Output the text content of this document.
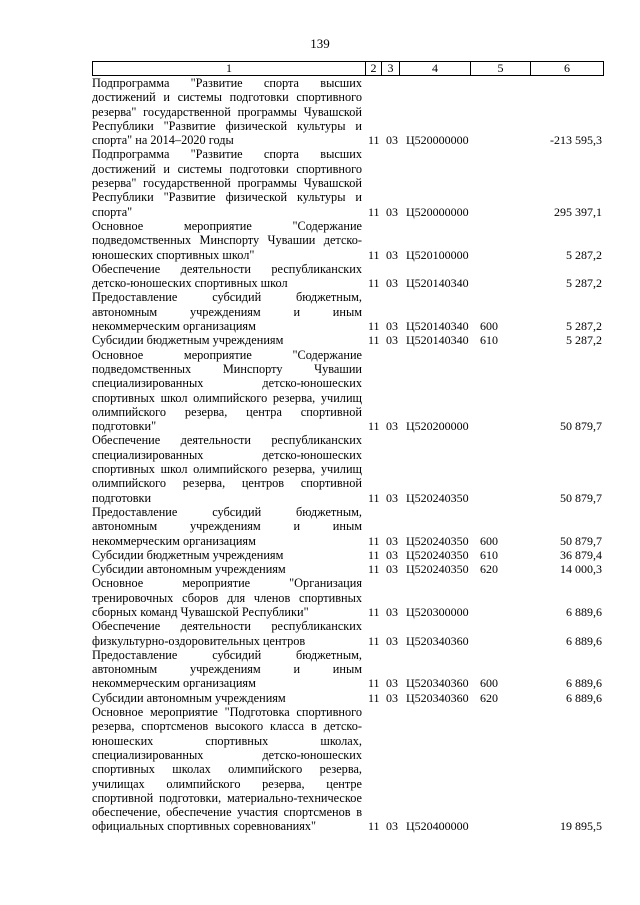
139
1	2 3	4	5	6
Подпрограмма "Развитие спорта высших достижений и системы подготовки спортивного резерва" государственной программы Чувашской Республики "Развитие физической культуры и спорта" на 2014–2020 годы	11 03 Ц520000000	-213 595,3
Подпрограмма "Развитие спорта высших достижений и системы подготовки спортивного резерва" государственной программы Чувашской Республики "Развитие физической культуры и спорта"	11 03 Ц520000000	295 397,1
Основное мероприятие "Содержание подведомственных Минспорту Чувашии детско-юношеских спортивных школ"	11 03 Ц520100000	5 287,2
Обеспечение деятельности республиканских детско-юношеских спортивных школ	11 03 Ц520140340	5 287,2
Предоставление субсидий бюджетным, автономным учреждениям и иным некоммерческим организациям	11 03 Ц520140340 600	5 287,2
Субсидии бюджетным учреждениям	11 03 Ц520140340 610	5 287,2
Основное мероприятие "Содержание подведомственных Минспорту Чувашии специализированных детско-юношеских спортивных школ олимпийского резерва, училищ олимпийского резерва, центра спортивной подготовки"	11 03 Ц520200000	50 879,7
Обеспечение деятельности республиканских специализированных детско-юношеских спортивных школ олимпийского резерва, училищ олимпийского резерва, центров спортивной подготовки	11 03 Ц520240350	50 879,7
Предоставление субсидий бюджетным, автономным учреждениям и иным некоммерческим организациям	11 03 Ц520240350 600	50 879,7
Субсидии бюджетным учреждениям	11 03 Ц520240350 610	36 879,4
Субсидии автономным учреждениям	11 03 Ц520240350 620	14 000,3
Основное мероприятие "Организация тренировочных сборов для членов спортивных сборных команд Чувашской Республики"	11 03 Ц520300000	6 889,6
Обеспечение деятельности республиканских физкультурно-оздоровительных центров	11 03 Ц520340360	6 889,6
Предоставление субсидий бюджетным, автономным учреждениям и иным некоммерческим организациям	11 03 Ц520340360 600	6 889,6
Субсидии автономным учреждениям	11 03 Ц520340360 620	6 889,6
Основное мероприятие "Подготовка спортивного резерва, спортсменов высокого класса в детско-юношеских спортивных школах, специализированных детско-юношеских спортивных школах олимпийского резерва, училищах олимпийского резерва, центре спортивной подготовки, материально-техническое обеспечение, обеспечение участия спортсменов в официальных спортивных соревнованиях"	11 03 Ц520400000	19 895,5
